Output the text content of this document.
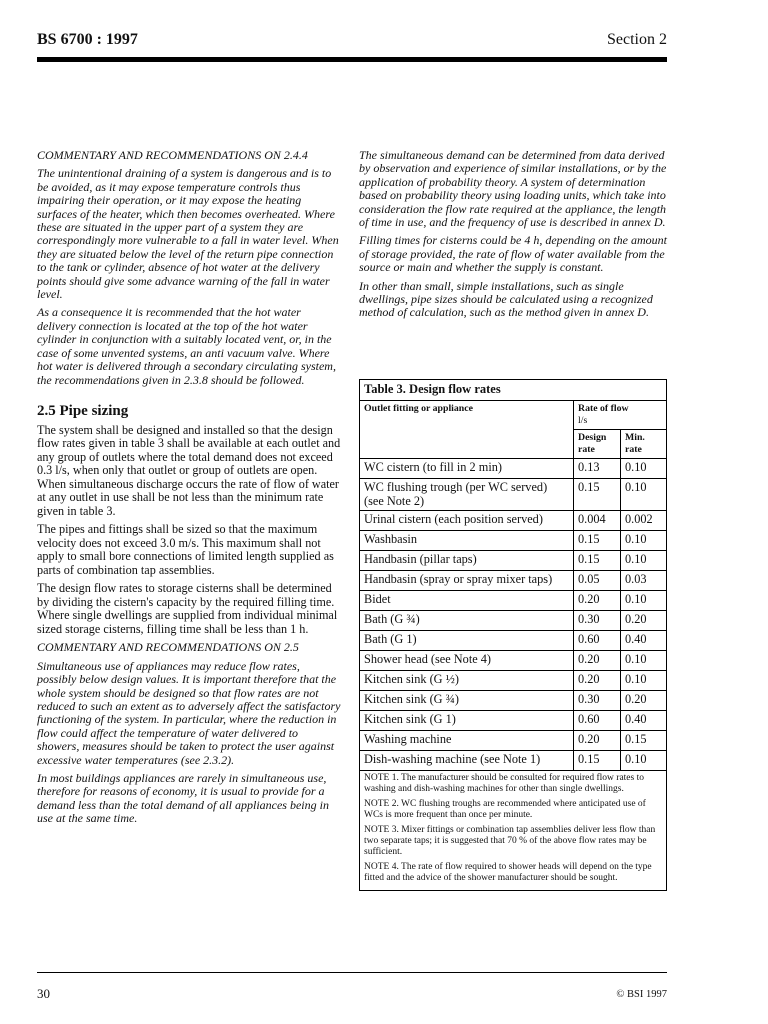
BS 6700 : 1997	Section 2

COMMENTARY AND RECOMMENDATIONS ON 2.4.4

The unintentional draining of a system is dangerous and is to be avoided, as it may expose temperature controls thus impairing their operation, or it may expose the heating surfaces of the heater, which then becomes overheated. Where these are situated in the upper part of a system they are correspondingly more vulnerable to a fall in water level. When they are situated below the level of the return pipe connection to the tank or cylinder, absence of hot water at the delivery points should give some advance warning of the fall in water level.

As a consequence it is recommended that the hot water delivery connection is located at the top of the hot water cylinder in conjunction with a suitably located vent, or, in the case of some unvented systems, an anti vacuum valve. Where hot water is delivered through a secondary circulating system, the recommendations given in 2.3.8 should be followed.

2.5 Pipe sizing

The system shall be designed and installed so that the design flow rates given in table 3 shall be available at each outlet and any group of outlets where the total demand does not exceed 0.3 l/s, when only that outlet or group of outlets are open. When simultaneous discharge occurs the rate of flow of water at any outlet in use shall be not less than the minimum rate given in table 3.

The pipes and fittings shall be sized so that the maximum velocity does not exceed 3.0 m/s. This maximum shall not apply to small bore connections of limited length supplied as parts of combination tap assemblies.

The design flow rates to storage cisterns shall be determined by dividing the cistern's capacity by the required filling time. Where single dwellings are supplied from individual minimal sized storage cisterns, filling time shall be less than 1 h.

COMMENTARY AND RECOMMENDATIONS ON 2.5

Simultaneous use of appliances may reduce flow rates, possibly below design values. It is important therefore that the whole system should be designed so that flow rates are not reduced to such an extent as to adversely affect the satisfactory functioning of the system. In particular, where the reduction in flow could affect the temperature of water delivered to showers, measures should be taken to protect the user against excessive water temperatures (see 2.3.2).

In most buildings appliances are rarely in simultaneous use, therefore for reasons of economy, it is usual to provide for a demand less than the total demand of all appliances being in use at the same time.

The simultaneous demand can be determined from data derived by observation and experience of similar installations, or by the application of probability theory. A system of determination based on probability theory using loading units, which take into consideration the flow rate required at the appliance, the length of time in use, and the frequency of use is described in annex D.

Filling times for cisterns could be 4 h, depending on the amount of storage provided, the rate of flow of water available from the source or main and whether the supply is constant.

In other than small, simple installations, such as single dwellings, pipe sizes should be calculated using a recognized method of calculation, such as the method given in annex D.

Table 3. Design flow rates		
Outlet fitting or appliance	Rate of flow
l/s	
	Design rate	Min. rate
WC cistern (to fill in 2 min)	0.13	0.10
WC flushing trough (per WC served) (see Note 2)	0.15	0.10
Urinal cistern (each position served)	0.004	0.002
Washbasin	0.15	0.10
Handbasin (pillar taps)	0.15	0.10
Handbasin (spray or spray mixer taps)	0.05	0.03
Bidet	0.20	0.10
Bath (G ¾)	0.30	0.20
Bath (G 1)	0.60	0.40
Shower head (see Note 4)	0.20	0.10
Kitchen sink (G ½)	0.20	0.10
Kitchen sink (G ¾)	0.30	0.20
Kitchen sink (G 1)	0.60	0.40
Washing machine	0.20	0.15
Dish-washing machine (see Note 1)	0.15	0.10

NOTE 1. The manufacturer should be consulted for required flow rates to washing and dish-washing machines for other than single dwellings.

NOTE 2. WC flushing troughs are recommended where anticipated use of WCs is more frequent than once per minute.

NOTE 3. Mixer fittings or combination tap assemblies deliver less flow than two separate taps; it is suggested that 70 % of the above flow rates may be sufficient.

NOTE 4. The rate of flow required to shower heads will depend on the type fitted and the advice of the shower manufacturer should be sought.		

30	© BSI 1997
